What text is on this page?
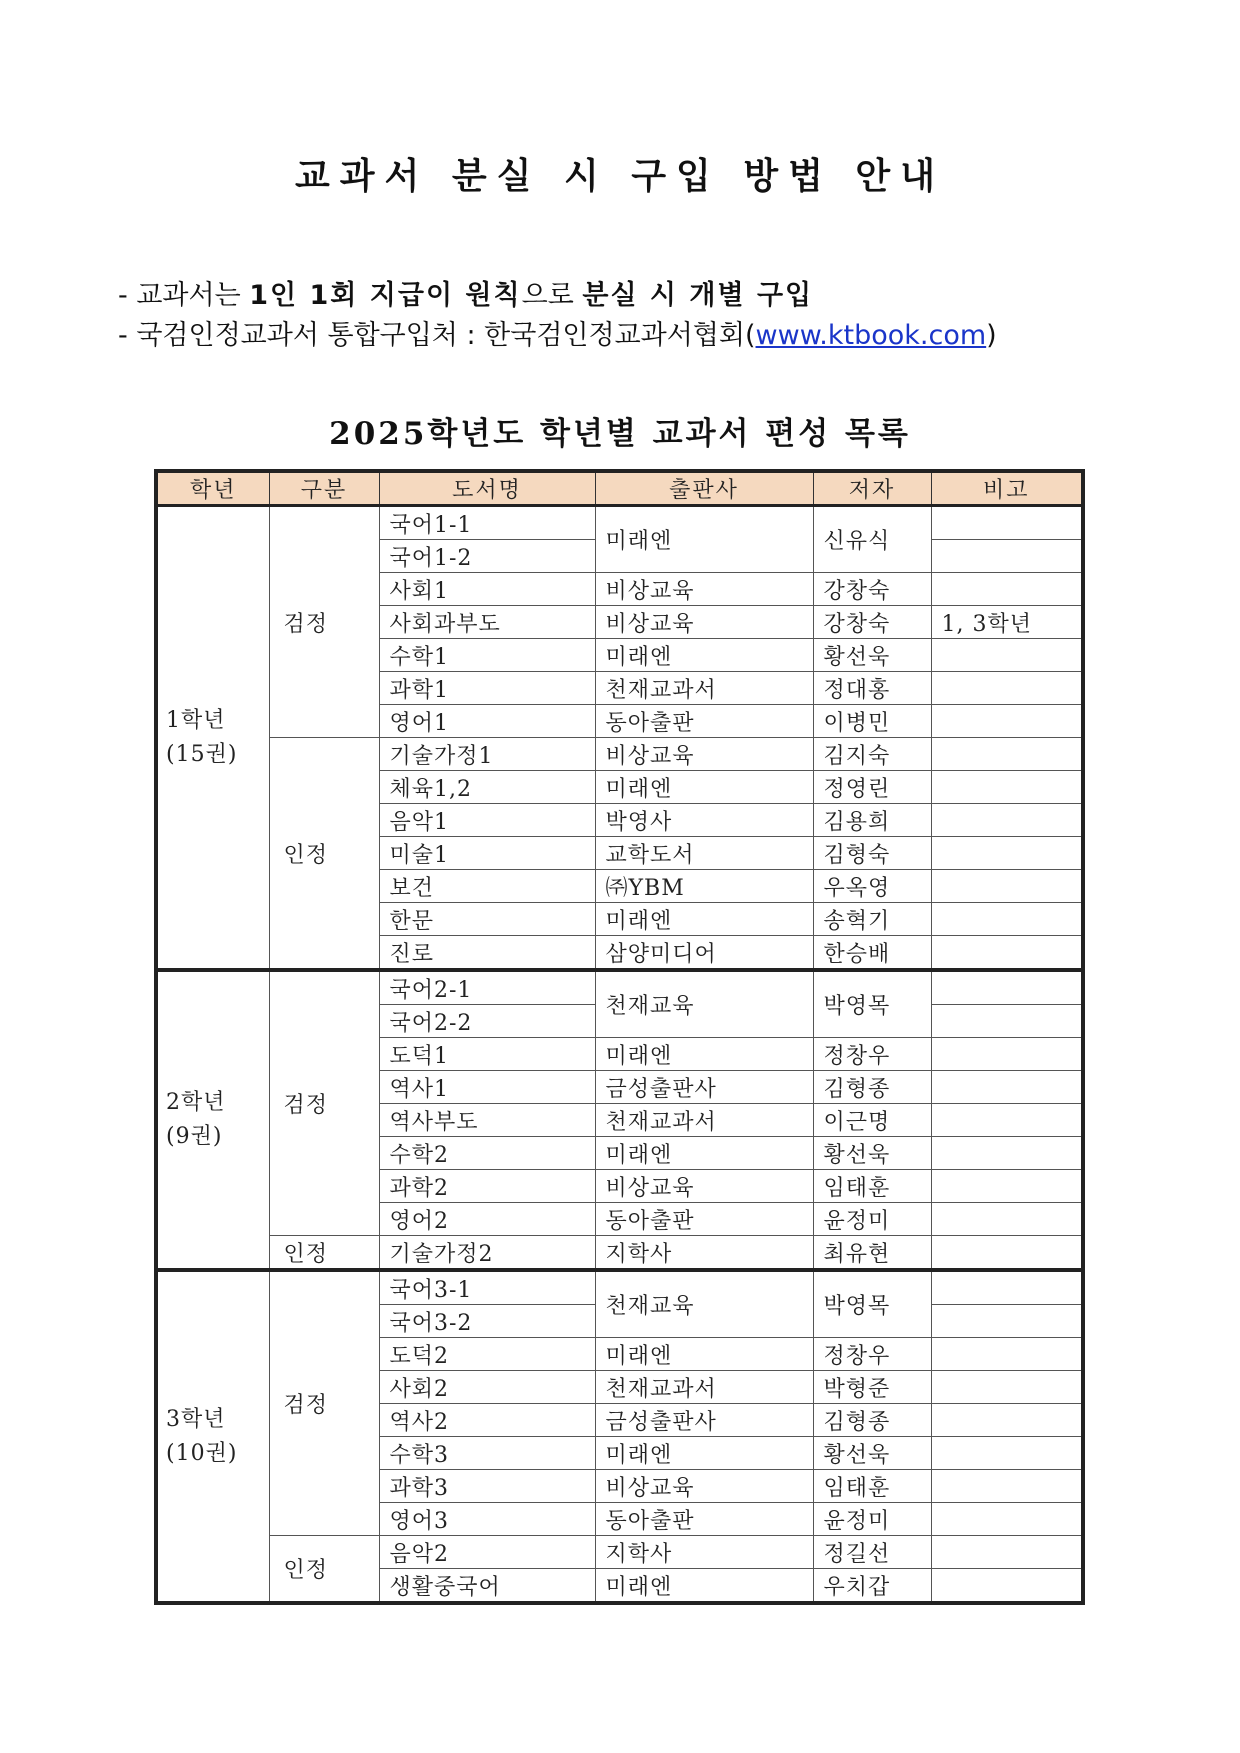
교과서 분실 시 구입 방법 안내
- 교과서는 1인 1회 지급이 원칙으로 분실 시 개별 구입
- 국검인정교과서 통합구입처 : 한국검인정교과서협회(www.ktbook.com)
2025학년도 학년별 교과서 편성 목록
학년	구분	도서명	출판사	저자	비고

1학년
(15권)	검정	국어1-1	미래엔	신유식	
		국어1-2			
		사회1	비상교육	강창숙	
		사회과부도	비상교육	강창숙	1, 3학년
		수학1	미래엔	황선욱	
		과학1	천재교과서	정대홍	
		영어1	동아출판	이병민	
	인정	기술가정1	비상교육	김지숙	
		체육1,2	미래엔	정영린	
		음악1	박영사	김용희	
		미술1	교학도서	김형숙	
		보건	㈜YBM	우옥영	
		한문	미래엔	송혁기	
		진로	삼양미디어	한승배	

2학년
(9권)	검정	국어2-1	천재교육	박영목	
		국어2-2			
		도덕1	미래엔	정창우	
		역사1	금성출판사	김형종	
		역사부도	천재교과서	이근명	
		수학2	미래엔	황선욱	
		과학2	비상교육	임태훈	
		영어2	동아출판	윤정미	
	인정	기술가정2	지학사	최유현	

3학년
(10권)	검정	국어3-1	천재교육	박영목	
		국어3-2			
		도덕2	미래엔	정창우	
		사회2	천재교과서	박형준	
		역사2	금성출판사	김형종	
		수학3	미래엔	황선욱	
		과학3	비상교육	임태훈	
		영어3	동아출판	윤정미	
	인정	음악2	지학사	정길선	
		생활중국어	미래엔	우치갑	
